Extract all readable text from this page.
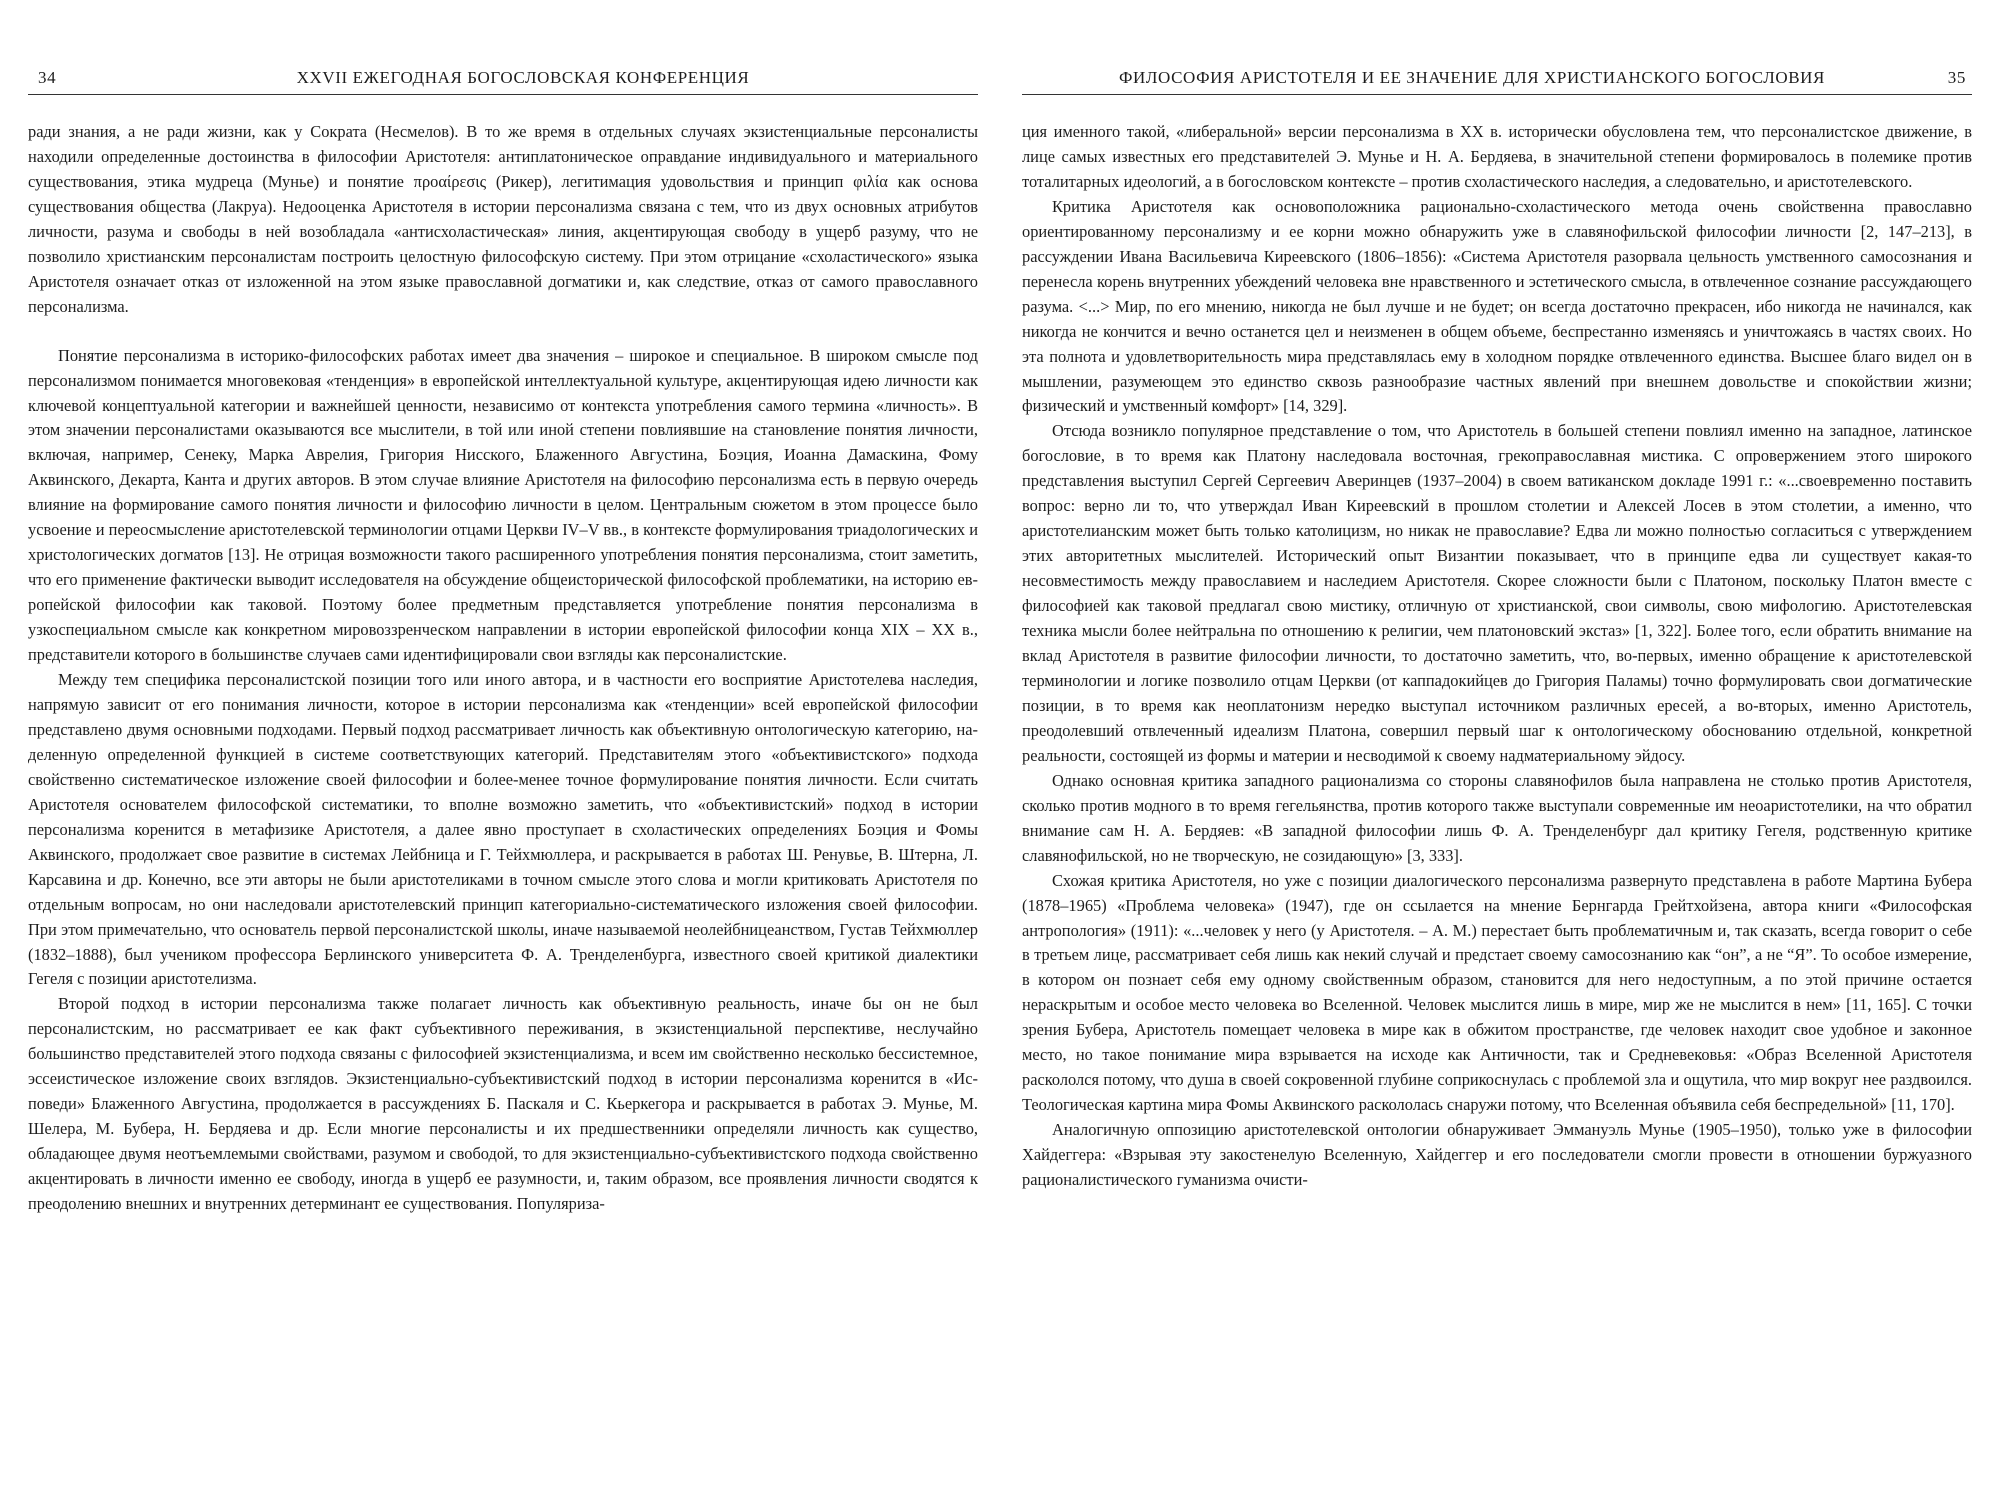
34	XXVII ЕЖЕГОДНАЯ БОГОСЛОВСКАЯ КОНФЕРЕНЦИЯ

ради знания, а не ради жизни, как у Сократа (Несмелов). В то же время в отдельных случаях экзистенциальные персоналисты находили определенные достоинства в философии Аристотеля: антиплатоническое оправдание индивидуального и материального существования, этика мудреца (Мунье) и понятие προαίρεσις (Рикер), легитимация удовольствия и принцип φιλία как основа существования общества (Лакруа). Недооценка Аристотеля в истории персонализма связана с тем, что из двух основных атрибутов личности, разума и свободы в ней возобладала «антисхоластическая» линия, акцентирующая свободу в ущерб разуму, что не позволило христианским персоналистам построить целостную философскую систему. При этом отрицание «схоластического» языка Аристотеля означает отказ от изложенной на этом языке православной догматики и, как следствие, отказ от самого православного персонализма.

Понятие персонализма в историко-философских работах имеет два значения – широкое и специальное. В широком смысле под персонализмом понимается многовековая «тенденция» в европейской интеллектуальной культуре, акцентирующая идею личности как ключевой концептуальной категории и важнейшей ценности, независимо от контекста употребления самого термина «личность». В этом значении персоналистами оказываются все мыслители, в той или иной степени повлиявшие на становление понятия личности, включая, например, Сенеку, Марка Аврелия, Григория Нисского, Блаженного Августина, Боэция, Иоанна Дамаскина, Фому Аквинского, Декарта, Канта и других авторов. В этом случае влияние Аристотеля на философию персонализма есть в первую очередь влияние на формирование самого понятия личности и философию личности в целом. Центральным сюжетом в этом процессе было усвоение и переосмысление аристотелевской терминологии отцами Церкви IV–V вв., в контексте формулирования триадологических и христологических догматов [13]. Не отрицая возможности такого расширенного употребления понятия персонализма, стоит заметить, что его применение фактически выводит исследователя на обсуждение общеисторической философской проблематики, на историю европейской философии как таковой. Поэтому более предметным представляется употребление понятия персонализма в узкоспециальном смысле как конкретном мировоззренческом направлении в истории европейской философии конца XIX – XX в., представители которого в большинстве случаев сами идентифицировали свои взгляды как персоналистские.

Между тем специфика персоналистской позиции того или иного автора, и в частности его восприятие Аристотелева наследия, напрямую зависит от его понимания личности, которое в истории персонализма как «тенденции» всей европейской философии представлено двумя основными подходами. Первый подход рассматривает личность как объективную онтологическую категорию, наделенную определенной функцией в системе соответствующих категорий. Представителям этого «объективистского» подхода свойственно систематическое изложение своей философии и более-менее точное формулирование понятия личности. Если считать Аристотеля основателем философской систематики, то вполне возможно заметить, что «объективистский» подход в истории персонализма коренится в метафизике Аристотеля, а далее явно проступает в схоластических определениях Боэция и Фомы Аквинского, продолжает свое развитие в системах Лейбница и Г. Тейхмюллера, и раскрывается в работах Ш. Ренувье, В. Штерна, Л. Карсавина и др. Конечно, все эти авторы не были аристотеликами в точном смысле этого слова и могли критиковать Аристотеля по отдельным вопросам, но они наследовали аристотелевский принцип категориально-систематического изложения своей философии. При этом примечательно, что основатель первой персоналистской школы, иначе называемой неолейбницеанством, Густав Тейхмюллер (1832–1888), был учеником профессора Берлинского университета Ф. А. Тренделенбурга, известного своей критикой диалектики Гегеля с позиции аристотелизма.

Второй подход в истории персонализма также полагает личность как объективную реальность, иначе бы он не был персоналистским, но рассматривает ее как факт субъективного переживания, в экзистенциальной перспективе, неслучайно большинство представителей этого подхода связаны с философией экзистенциализма, и всем им свойственно несколько бессистемное, эссеистическое изложение своих взглядов. Экзистенциально-субъективистский подход в истории персонализма коренится в «Исповеди» Блаженного Августина, продолжается в рассуждениях Б. Паскаля и С. Кьеркегора и раскрывается в работах Э. Мунье, М. Шелера, М. Бубера, Н. Бердяева и др. Если многие персоналисты и их предшественники определяли личность как существо, обладающее двумя неотъемлемыми свойствами, разумом и свободой, то для экзистенциально-субъективистского подхода свойственно акцентировать в личности именно ее свободу, иногда в ущерб ее разумности, и, таким образом, все проявления личности сводятся к преодолению внешних и внутренних детерминант ее существования. Популяриза-

ФИЛОСОФИЯ АРИСТОТЕЛЯ И ЕЕ ЗНАЧЕНИЕ ДЛЯ ХРИСТИАНСКОГО БОГОСЛОВИЯ	35

ция именного такой, «либеральной» версии персонализма в XX в. исторически обусловлена тем, что персоналистское движение, в лице самых известных его представителей Э. Мунье и Н. А. Бердяева, в значительной степени формировалось в полемике против тоталитарных идеологий, а в богословском контексте – против схоластического наследия, а следовательно, и аристотелевского.

Критика Аристотеля как основоположника рационально-схоластического метода очень свойственна православно ориентированному персонализму и ее корни можно обнаружить уже в славянофильской философии личности [2, 147–213], в рассуждении Ивана Васильевича Киреевского (1806–1856): «Система Аристотеля разорвала цельность умственного самосознания и перенесла корень внутренних убеждений человека вне нравственного и эстетического смысла, в отвлеченное сознание рассуждающего разума. <...> Мир, по его мнению, никогда не был лучше и не будет; он всегда достаточно прекрасен, ибо никогда не начинался, как никогда не кончится и вечно останется цел и неизменен в общем объеме, беспрестанно изменяясь и уничтожаясь в частях своих. Но эта полнота и удовлетворительность мира представлялась ему в холодном порядке отвлеченного единства. Высшее благо видел он в мышлении, разумеющем это единство сквозь разнообразие частных явлений при внешнем довольстве и спокойствии жизни; физический и умственный комфорт» [14, 329].

Отсюда возникло популярное представление о том, что Аристотель в большей степени повлиял именно на западное, латинское богословие, в то время как Платону наследовала восточная, грекоправославная мистика. С опровержением этого широкого представления выступил Сергей Сергеевич Аверинцев (1937–2004) в своем ватиканском докладе 1991 г.: «...своевременно поставить вопрос: верно ли то, что утверждал Иван Киреевский в прошлом столетии и Алексей Лосев в этом столетии, а именно, что аристотелианским может быть только католицизм, но никак не православие? Едва ли можно полностью согласиться с утверждением этих авторитетных мыслителей. Исторический опыт Византии показывает, что в принципе едва ли существует какая-то несовместимость между православием и наследием Аристотеля. Скорее сложности были с Платоном, поскольку Платон вместе с философией как таковой предлагал свою мистику, отличную от христианской, свои символы, свою мифологию. Аристотелевская техника мысли более нейтральна по отношению к религии, чем платоновский экстаз» [1, 322]. Более того, если обратить внимание на вклад Аристотеля в развитие философии личности, то достаточно заметить, что, во-первых, именно обращение к аристотелевской терминологии и логике позволило отцам Церкви (от каппадокийцев до Григория Паламы) точно формулировать свои догматические позиции, в то время как неоплатонизм нередко выступал источником различных ересей, а во-вторых, именно Аристотель, преодолевший отвлеченный идеализм Платона, совершил первый шаг к онтологическому обоснованию отдельной, конкретной реальности, состоящей из формы и материи и несводимой к своему надматериальному эйдосу.

Однако основная критика западного рационализма со стороны славянофилов была направлена не столько против Аристотеля, сколько против модного в то время гегельянства, против которого также выступали современные им неоаристотелики, на что обратил внимание сам Н. А. Бердяев: «В западной философии лишь Ф. А. Тренделенбург дал критику Гегеля, родственную критике славянофильской, но не творческую, не созидающую» [3, 333].

Схожая критика Аристотеля, но уже с позиции диалогического персонализма развернуто представлена в работе Мартина Бубера (1878–1965) «Проблема человека» (1947), где он ссылается на мнение Бернгарда Грейтхойзена, автора книги «Философская антропология» (1911): «...человек у него (у Аристотеля. – А. М.) перестает быть проблематичным и, так сказать, всегда говорит о себе в третьем лице, рассматривает себя лишь как некий случай и предстает своему самосознанию как “он”, а не “Я”. То особое измерение, в котором он познает себя ему одному свойственным образом, становится для него недоступным, а по этой причине остается нераскрытым и особое место человека во Вселенной. Человек мыслится лишь в мире, мир же не мыслится в нем» [11, 165]. С точки зрения Бубера, Аристотель помещает человека в мире как в обжитом пространстве, где человек находит свое удобное и законное место, но такое понимание мира взрывается на исходе как Античности, так и Средневековья: «Образ Вселенной Аристотеля раскололся потому, что душа в своей сокровенной глубине соприкоснулась с проблемой зла и ощутила, что мир вокруг нее раздвоился. Теологическая картина мира Фомы Аквинского раскололась снаружи потому, что Вселенная объявила себя беспредельной» [11, 170].

Аналогичную оппозицию аристотелевской онтологии обнаруживает Эммануэль Мунье (1905–1950), только уже в философии Хайдеггера: «Взрывая эту закостенелую Вселенную, Хайдеггер и его последователи смогли провести в отношении буржуазного рационалистического гуманизма очисти-
